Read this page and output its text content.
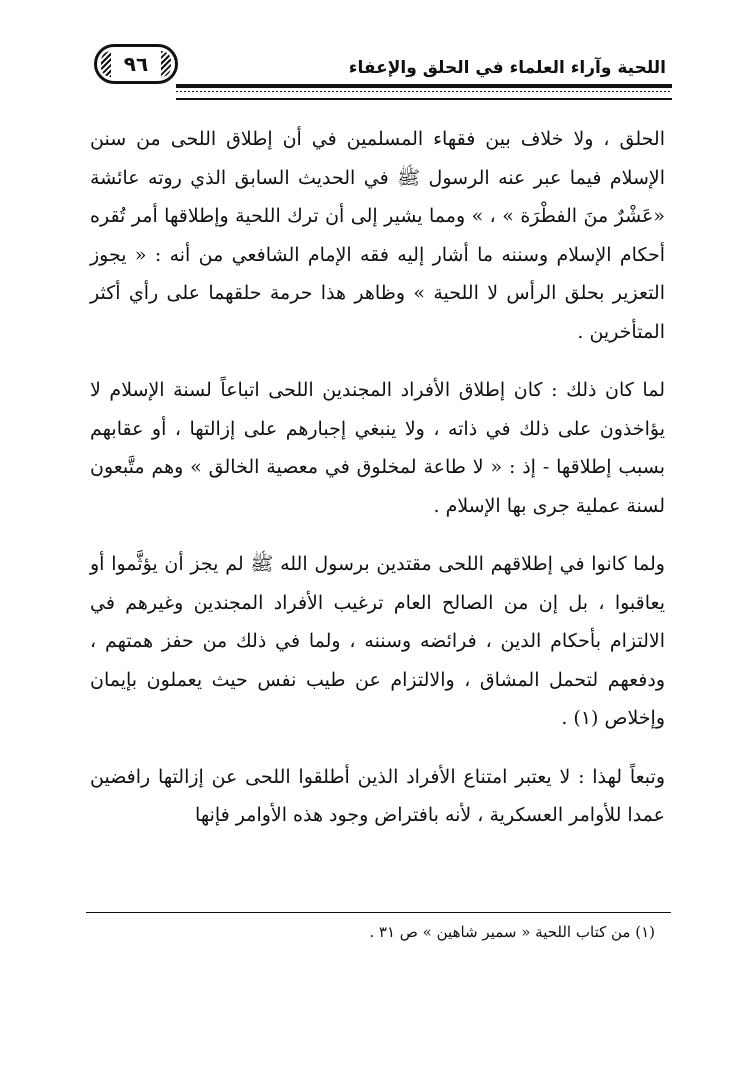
٩٦	اللحية وآراء العلماء في الحلق والإعفاء

الحلق ، ولا خلاف بين فقهاء المسلمين في أن إطلاق اللحى من سنن الإسلام فيما عبر عنه الرسول ﷺ في الحديث السابق الذي روته عائشة «عَشْرٌ منَ الفطْرَة » ، » ومما يشير إلى أن ترك اللحية وإطلاقها أمر تُقره أحكام الإسلام وسننه ما أشار إليه فقه الإمام الشافعي من أنه : « يجوز التعزير بحلق الرأس لا اللحية » وظاهر هذا حرمة حلقهما على رأي أكثر المتأخرين .

لما كان ذلك : كان إطلاق الأفراد المجندين اللحى اتباعاً لسنة الإسلام لا يؤاخذون على ذلك في ذاته ، ولا ينبغي إجبارهم على إزالتها ، أو عقابهم بسبب إطلاقها - إذ : « لا طاعة لمخلوق في معصية الخالق » وهم متَّبعون لسنة عملية جرى بها الإسلام .

ولما كانوا في إطلاقهم اللحى مقتدين برسول الله ﷺ لم يجز أن يؤثَّموا أو يعاقبوا ، بل إن من الصالح العام ترغيب الأفراد المجندين وغيرهم في الالتزام بأحكام الدين ، فرائضه وسننه ، ولما في ذلك من حفز همتهم ، ودفعهم لتحمل المشاق ، والالتزام عن طيب نفس حيث يعملون بإيمان وإخلاص (١) .

وتبعاً لهذا : لا يعتبر امتناع الأفراد الذين أطلقوا اللحى عن إزالتها رافضين عمدا للأوامر العسكرية ، لأنه بافتراض وجود هذه الأوامر فإنها

(١) من كتاب اللحية « سمير شاهين » ص ٣١ .
